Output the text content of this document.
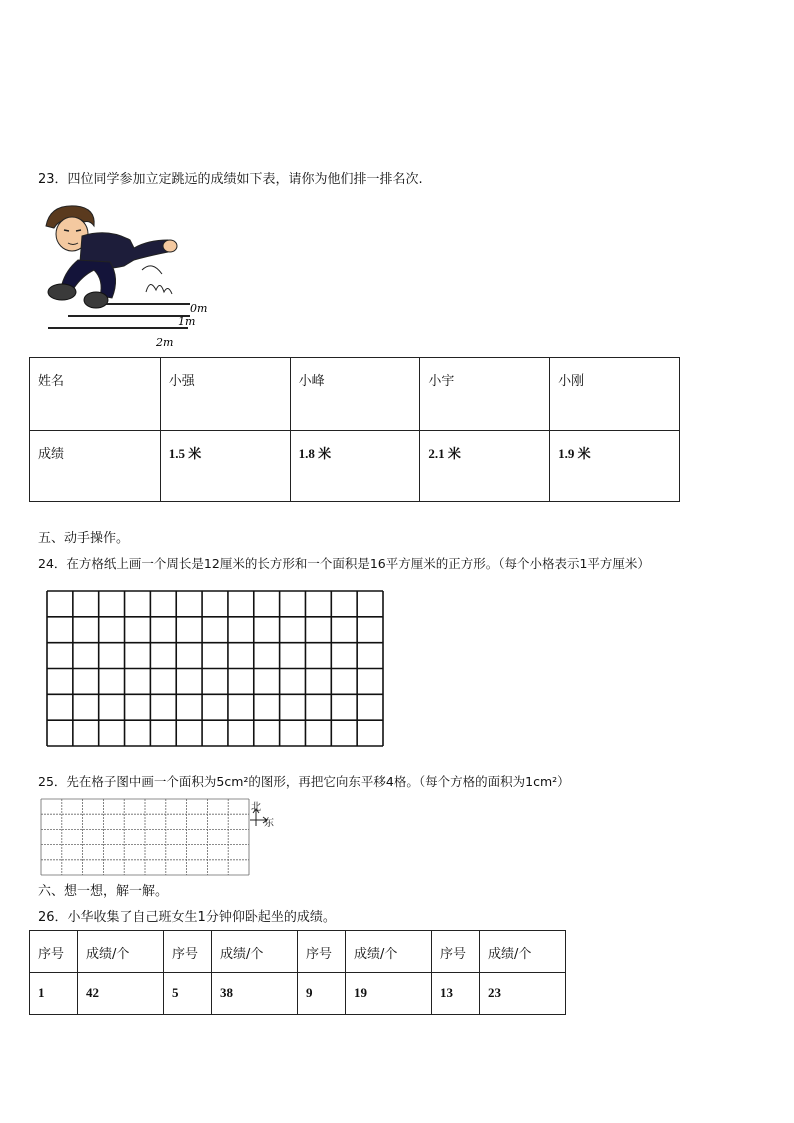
23．四位同学参加立定跳远的成绩如下表，请你为他们排一排名次.
0m
1m
2m
姓名	小强	小峰	小宇	小刚
成绩	1.5 米	1.8 米	2.1 米	1.9 米
五、动手操作。
24．在方格纸上画一个周长是12厘米的长方形和一个面积是16平方厘米的正方形。（每个小格表示1平方厘米）
25．先在格子图中画一个面积为5cm²的图形，再把它向东平移4格。（每个方格的面积为1cm²）
北
东
六、想一想，解一解。
26．小华收集了自己班女生1分钟仰卧起坐的成绩。
序号	成绩/个	序号	成绩/个	序号	成绩/个	序号	成绩/个
1	42	5	38	9	19	13	23
